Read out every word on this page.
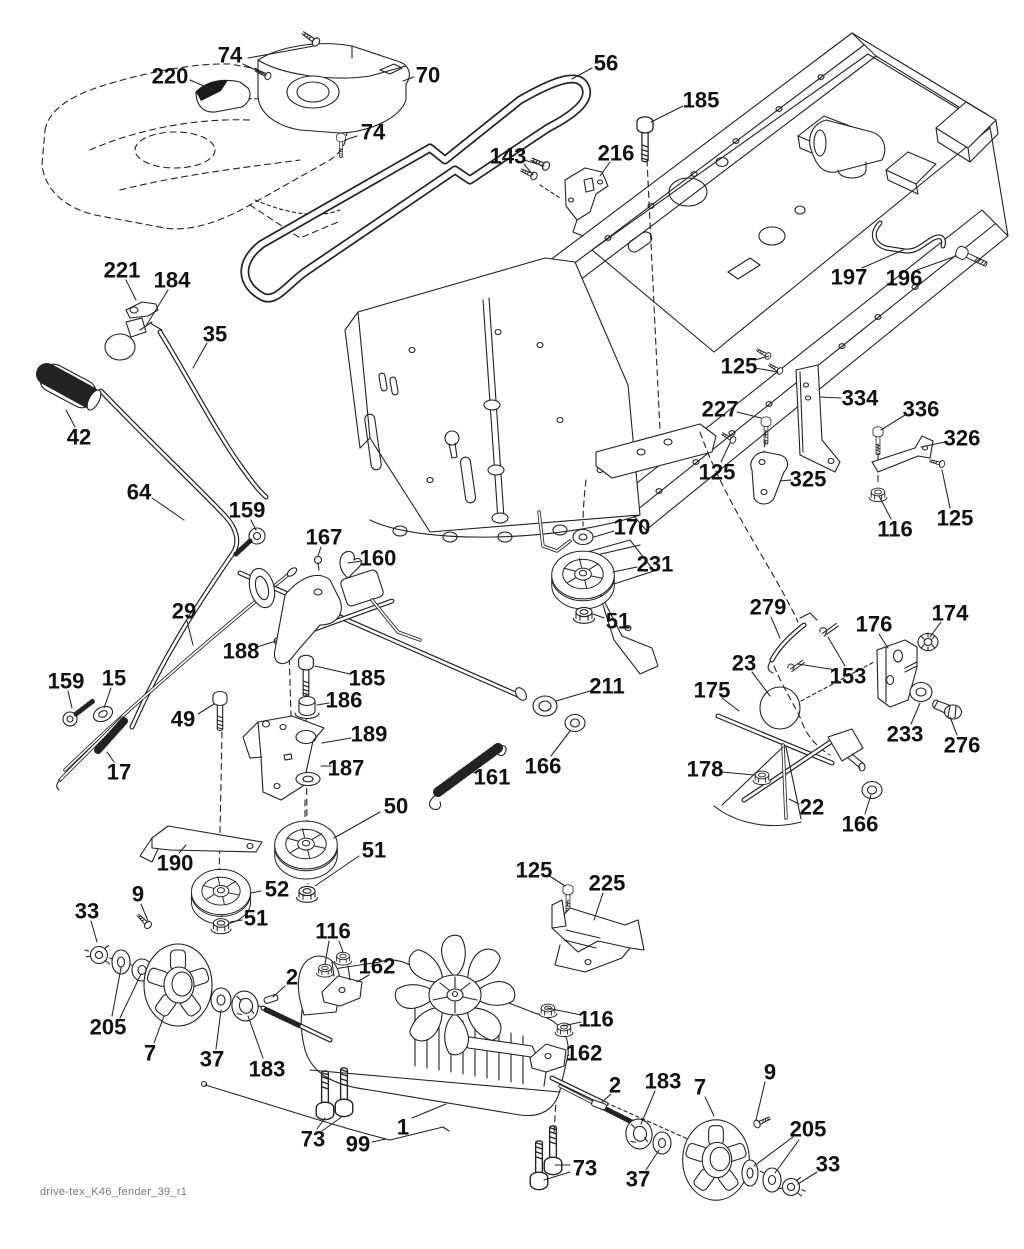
74
220	70
74
56
185
143	216
197 196
221 184
35
42
64
159
125
334
227	336
326
125 325
116 125
170
231
51
279	174
176
23
153
175
233 276
178
22
166
167
160
29
188
185
186
189
187	161
211
166
159 15
49
17
50
51
52
51
190
9
33
205
7 37 183
2
116
162
125
225
116
162
2 183 7
9
205
33
73 99
1
73 37
drive-tex_K46_fender_39_r1
